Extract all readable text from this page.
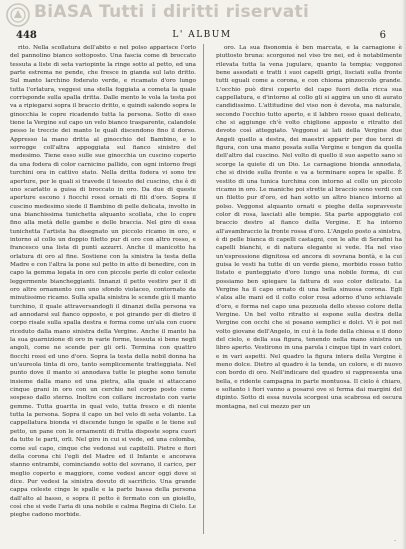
BiASA Tutti i diritti riservati
448	L' ALBUM	6

rito. Nella scollatura dell'abito e nel polso apparisce l'orlo del pannolino bianco sottoposto. Una fascia come di broccato tessuta a liste di seta variopinte la ringe sotto al petto, ed una parte estrema ne pende, che fresce in gianda sul lato dritto. Sul manto larchino foderato verde, e ricamato d'oro lungo tutta l'orlatura, veggesi una stella foggiata a cometa la quale corrisponde sulla spalla dritta. Dalle mento le vola la testa poi va a ripiegarsi sopra il braccio dritto, e quindi salendo sopra le ginocchia le copre ricadendo tutta la persona. Sotto di esso tiene la Vergine sul capo un velo bianco trasparente, calandole pesso le treccie dei manto le quali discendono fino il dorso. Appresso la mano dritta al ginocchio del Bambino, e lo sorregge coll'altra appoggiata sul fianco sinistro del medesimo. Tiene esso sulle sue ginocchia un cuscino coperto da una fodera di color carnicino pallido, con ogni intorno fregi turchini ora in cattivo stato. Nella dritta fodera vi sono tre aperture, per le quali si travede il tessuto del cuscino, che è di uno scarlatto a guisa di broccato in oro. Da due di queste aperture escono i fiocchi rossi ornati di fili d'oro. Sopra il cuscino medesimo siede il Bambino di pelle delicata, involto in una bianchissima tunichetta alquanto scollata, che lo copre fino alla metà delle gambe e delle braccia. Nel giro di essa tunichetta l'artista ha disegnato un piccolo ricamo in oro, e intorno al collo un doppio filetto pur di oro con altro rosso, e francesco una lista di punti azzurri. Anche il manicotto ha orlatura di oro al fine. Sostiene con la sinistra la testa della Madre e con l'altra la pone sul petto in atto di benedire, con in capo la gemma legata in oro con piccole perle di color celeste leggermente biancheggianti. Innanzi il petto vestiro per il di oro altre ornamento con uno sfondo violaceo, contornato da minutissimo ricamo. Sulla spalla sinistra le scende giù il manto turchino, il quale attraversandogli il dinanzi della persona va ad annodarsi sul fianco opposto, e poi girando per di dietro il corpo risale sulla spalla destra e forma come un'ala con cuore riceduto dalla mano sinistra della Vergine. Anche il manto ha la sua guarnizione di oro in varie forme, tessuta sì bene negli angoli, come ne scende per gli orli. Termina con quattro fiocchi rossi ed uno d'oro. Sopra la testa della nobil donna ha un'aureola tinta di oro, tanto semplicemente tratteggiata. Nel punto dove il manto si annodava tutte le pieghe sono tenute insieme dalla mano ed una pietra, alla quale si attaccano cinque grani in oro con un cerchio nel corpo posto come sospeso dallo sterno. Inoltre con collare incrostato con varie gemme. Tutta guarita in qual velo, tutta fresco e di niente tutta la persona. Sopra il capo un bel velo di seta volante. La cappellatura bionda vi discende lungo le spalle e le tiene sul petto, un pane con le ornamenti di frutta disposte sopra cuori da tutte le parti, orli. Nel giro in cui si vede, ed una colomba, come sul capo, cinque che vedonsi sui capitelli. Pietre e fiori della corona chi l'egli del Madre ed il Infante e ancorava stanno entrambi, cominciando sotto del sovrano, il carico, per meglio coperto e maggiore, come vedesi ancor oggi dove si dice. Pur vedesi la sinistra dovuto di sacrificio. Una grande cappa celeste cinge le spalle e la parte bassa della persona dall'alto al basso, e sopra il petto è fermato con un gioiello, così che si vede l'aria di una nobile e calma Regina di Cielo. Le pieghe cadono morbide.

oro. La sua fisonomia è ben marcata, e la carnagione è piuttosto bruna: scorgonsi nel viso tre nei, ed è notabilmente rilevata tutta la vena jugulare, quanto la tempia; veggonsi bene assodati e tratti i suoi capelli grigi, lisciati sulla fronte tutti eguali come a corona, e con chioma pinzoccolo grande. L'occhio può dirsi coperto del capo fuori della ricca sua cappellatura, e d'intorno al collo gli si aggira un uno di aurato candidissimo. L'attitudine del viso non è devota, ma naturale, secondo l'occhio tutto aperto, e il labbro rosso quasi delicato, che si aggiunge ch'è volto chiglione apposto e ritratto del devoto così atteggiato. Veggonsi ai lati della Vergine due Angeli quello a destra, dei maestri apparir per due terzi di figura, con una mano posata sulla Vergine e tengon da quella dell'altro dal cuscino. Nel volto di quello il suo aspetto sano si scorge la quiete di un Dio. Le carnagione bionda annodata, che si divide sulla fronte e va a terminare sopra le spalle. È vestito di una tunica turchina con intorno al collo un piccolo ricamo in oro. Le maniche poi strette al braccio sono verdi con un filetto pur d'oro, ed han sotto un altro bianco intorno al polso. Veggonsi alquanto ornati e pieghe della sopravveste color di rosa, lasciati alle tempie. Sta parte appoggiato col braccio destro al fianco della Vergine. E ha intorno all'avambraccio la fronte rossa d'oro. L'Angelo posto a sinistra, è di pelle bianca di capelli castagni, con le alte di Serafini ha capelli bianchi, e di natura elegante si vede. Ha nel viso un'espressione dignitosa ed ancora di sovrana bontà, e la cui guisa le vesti ha tutte di un verde pieno, morbido rosso tutto listato e punteggiato d'oro lungo una nobile forma, di cui possiamo ben spiegare la fattura di suo color delicato. La Vergine ha il capo ornato di una bella sinuosa corona. Egli s'alza alle mani ed il collo color rosa adorno d'uno schiavale d'oro, e forma nel capo una pezzuola dello stesso colore della Vergine. Un bel volto ritratto si espone sulla destra della Vergine con occhi che si posano semplici e dolci. Vi è poi nel volto giovane dell'Angelo, in cui è la fede della chiesa e il dono del cielo, e della sua figura, tenendo nella mano sinistra un libro aperto. Vestirono in una parola i cinque tipi in vari colori, e in vari aspetti. Nel quadro la figura intera della Vergine è meno dolce. Dietro al quadro è la tenda, un colore, e di nuovo con bordo di oro. Nell'indicare del quadro si rappresenta una bella, e ridente campagna in parte montuosa. Il cielo è chiaro, e soltanto i fiori vanno a posarsi ove si ferma dai margini del dipinto. Sotto di essa nuvola scorgesi una scabrosa ed oscura montagna, nel cui mezzo per un

·
